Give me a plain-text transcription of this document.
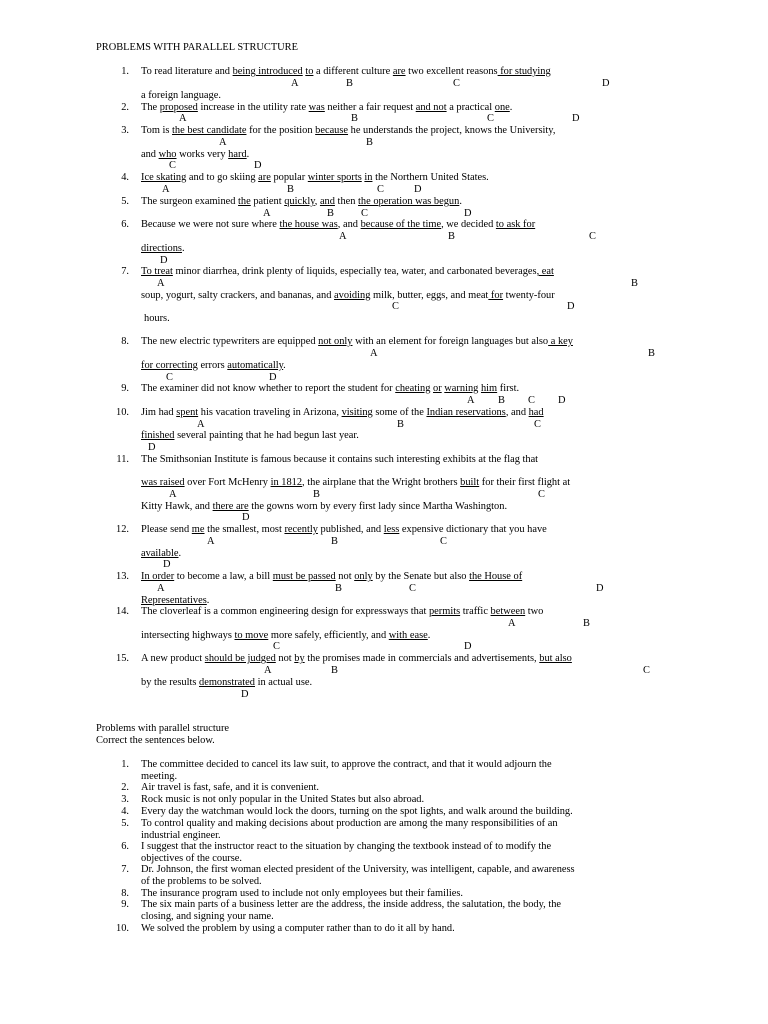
PROBLEMS WITH PARALLEL STRUCTURE
1. To read literature and being introduced to a different culture are two excellent reasons for studying
A	B	C	D
a foreign language.
2. The proposed increase in the utility rate was neither a fair request and not a practical one.
A	B	C	D
3. Tom is the best candidate for the position because he understands the project, knows the University,
A	B
and who works very hard.
C	D
4. Ice skating and to go skiing are popular winter sports in the Northern United States.
A	B	C	D
5. The surgeon examined the patient quickly, and then the operation was begun.
A	B	C	D
6. Because we were not sure where the house was, and because of the time, we decided to ask for
A	B	C
directions.
D
7. To treat minor diarrhea, drink plenty of liquids, especially tea, water, and carbonated beverages, eat
A	B
soup, yogurt, salty crackers, and bananas, and avoiding milk, butter, eggs, and meat for twenty-four
C	D
hours.
8. The new electric typewriters are equipped not only with an element for foreign languages but also a key
A	B
for correcting errors automatically.
C	D
9. The examiner did not know whether to report the student for cheating or warning him first.
A B C D
10. Jim had spent his vacation traveling in Arizona, visiting some of the Indian reservations, and had
A	B	C
finished several painting that he had begun last year.
D
11. The Smithsonian Institute is famous because it contains such interesting exhibits at the flag that
was raised over Fort McHenry in 1812, the airplane that the Wright brothers built for their first flight at
A	B	C
Kitty Hawk, and there are the gowns worn by every first lady since Martha Washington.
D
12. Please send me the smallest, most recently published, and less expensive dictionary that you have
A	B	C
available.
D
13. In order to become a law, a bill must be passed not only by the Senate but also the House of
A	B	C	D
Representatives.
14. The cloverleaf is a common engineering design for expressways that permits traffic between two
A	B
intersecting highways to move more safely, efficiently, and with ease.
C	D
15. A new product should be judged not by the promises made in commercials and advertisements, but also
A	B	C
by the results demonstrated in actual use.
D
Problems with parallel structure
Correct the sentences below.
1. The committee decided to cancel its law suit, to approve the contract, and that it would adjourn the
meeting.
2. Air travel is fast, safe, and it is convenient.
3. Rock music is not only popular in the United States but also abroad.
4. Every day the watchman would lock the doors, turning on the spot lights, and walk around the building.
5. To control quality and making decisions about production are among the many responsibilities of an
industrial engineer.
6. I suggest that the instructor react to the situation by changing the textbook instead of to modify the
objectives of the course.
7. Dr. Johnson, the first woman elected president of the University, was intelligent, capable, and awareness
of the problems to be solved.
8. The insurance program used to include not only employees but their families.
9. The six main parts of a business letter are the address, the inside address, the salutation, the body, the
closing, and signing your name.
10. We solved the problem by using a computer rather than to do it all by hand.
